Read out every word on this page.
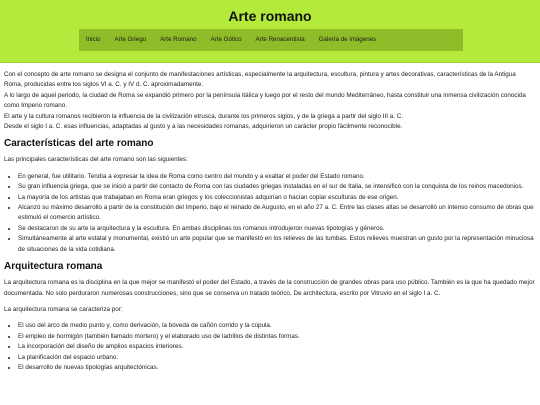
Arte romano
Inicio	Arte Griego	Arte Romano	Arte Gótico	Arte Renacentista	Galería de imágenes

Con el concepto de arte romano se designa el conjunto de manifestaciones artísticas, especialmente la arquitectura, escultura, pintura y artes decorativas, características de la Antigua Roma, producidas entre los siglos VI a. C. y IV d. C. aproximadamente.

A lo largo de aquel periodo, la ciudad de Roma se expandió primero por la península itálica y luego por el resto del mundo Mediterráneo, hasta constituir una inmensa civilización conocida como Imperio romano.

El arte y la cultura romanos recibieron la influencia de la civilización etrusca, durante los primeros siglos, y de la griega a partir del siglo III a. C.

Desde el siglo I a. C. esas influencias, adaptadas al gusto y a las necesidades romanas, adquirieron un carácter propio fácilmente reconocible.

Características del arte romano

Las principales características del arte romano son las siguientes:

• En general, fue utilitario. Tendía a expresar la idea de Roma como centro del mundo y a exaltar el poder del Estado romano.
• Su gran influencia griega, que se inició a partir del contacto de Roma con las ciudades griegas instaladas en el sur de Italia, se intensificó con la conquista de los reinos macedonios.
• La mayoría de los artistas que trabajaban en Roma eran griegos y los coleccionistas adquirían o hacían copiar esculturas de ese origen.
• Alcanzó su máximo desarrollo a partir de la constitución del Imperio, bajo el reinado de Augusto, en el año 27 a. C. Entre las clases altas se desarrolló un intenso consumo de obras que estimuló el comercio artístico.
• Se destacaron de su arte la arquitectura y la escultura. En ambas disciplinas los romanos introdujeron nuevas tipologías y géneros.
• Simultáneamente al arte estatal y monumental, existió un arte popular que se manifestó en los relieves de las tumbas. Estos relieves muestran un gusto por la representación minuciosa de situaciones de la vida cotidiana.
Arquitectura romana

La arquitectura romana es la disciplina en la que mejor se manifestó el poder del Estado, a través de la construcción de grandes obras para uso público. También es la que ha quedado mejor documentada. No solo perduraron numerosas construcciones, sino que se conserva un tratado teórico, De architectura, escrito por Vitruvio en el siglo I a. C.

La arquitectura romana se caracteriza por:

• El uso del arco de medio punto y, como derivación, la bóveda de cañón corrido y la cúpula.
• El empleo de hormigón (también llamado mortero) y el elaborado uso de ladrillos de distintas formas.
• La incorporación del diseño de amplios espacios interiores.
• La planificación del espacio urbano.
• El desarrollo de nuevas tipologías arquitectónicas.
